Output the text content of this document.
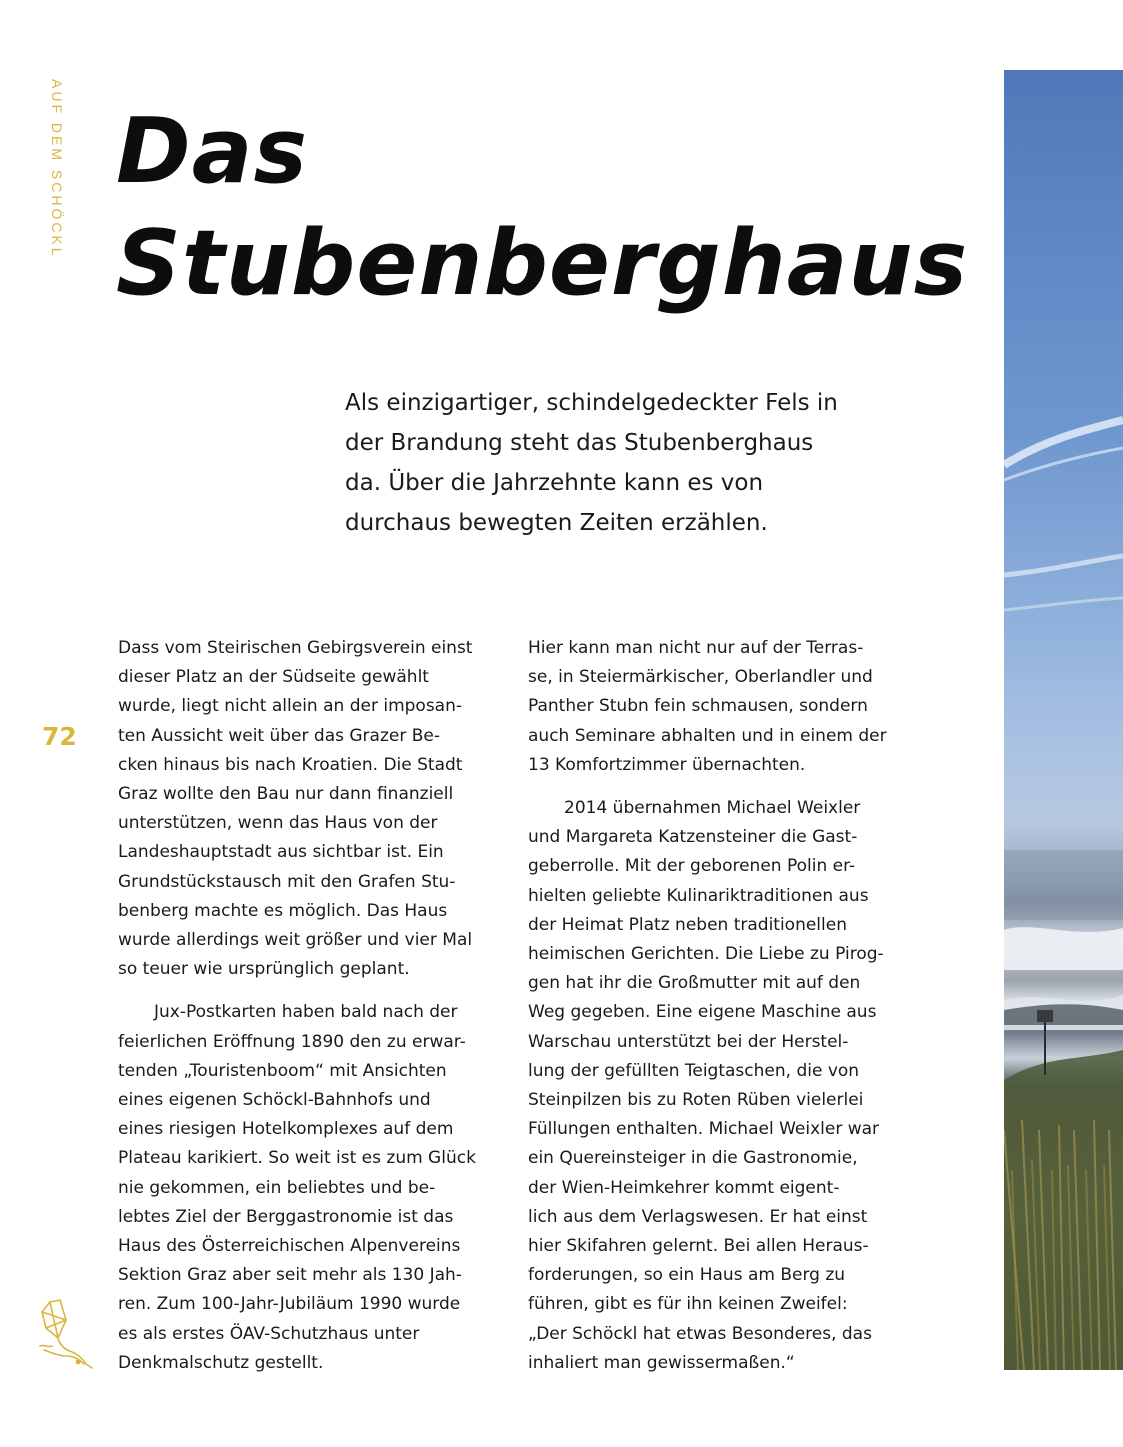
AUF DEM SCHÖCKL
72
Das
Stubenberghaus

Als einzigartiger, schindelgedeckter Fels in
der Brandung steht das Stubenberghaus
da. Über die Jahrzehnte kann es von
durchaus bewegten Zeiten erzählen.

Dass vom Steirischen Gebirgsverein einst
dieser Platz an der Südseite gewählt
wurde, liegt nicht allein an der imposan-
ten Aussicht weit über das Grazer Be-
cken hinaus bis nach Kroatien. Die Stadt
Graz wollte den Bau nur dann finanziell
unterstützen, wenn das Haus von der
Landeshauptstadt aus sichtbar ist. Ein
Grundstückstausch mit den Grafen Stu-
benberg machte es möglich. Das Haus
wurde allerdings weit größer und vier Mal
so teuer wie ursprünglich geplant.

Jux-Postkarten haben bald nach der
feierlichen Eröffnung 1890 den zu erwar-
tenden „Touristenboom“ mit Ansichten
eines eigenen Schöckl-Bahnhofs und
eines riesigen Hotelkomplexes auf dem
Plateau karikiert. So weit ist es zum Glück
nie gekommen, ein beliebtes und be-
lebtes Ziel der Berggastronomie ist das
Haus des Österreichischen Alpenvereins
Sektion Graz aber seit mehr als 130 Jah-
ren. Zum 100-Jahr-Jubiläum 1990 wurde
es als erstes ÖAV-Schutzhaus unter
Denkmalschutz gestellt.

Hier kann man nicht nur auf der Terras-
se, in Steiermärkischer, Oberlandler und
Panther Stubn fein schmausen, sondern
auch Seminare abhalten und in einem der
13 Komfortzimmer übernachten.

2014 übernahmen Michael Weixler
und Margareta Katzensteiner die Gast-
geberrolle. Mit der geborenen Polin er-
hielten geliebte Kulinariktraditionen aus
der Heimat Platz neben traditionellen
heimischen Gerichten. Die Liebe zu Pirog-
gen hat ihr die Großmutter mit auf den
Weg gegeben. Eine eigene Maschine aus
Warschau unterstützt bei der Herstel-
lung der gefüllten Teigtaschen, die von
Steinpilzen bis zu Roten Rüben vielerlei
Füllungen enthalten. Michael Weixler war
ein Quereinsteiger in die Gastronomie,
der Wien-Heimkehrer kommt eigent-
lich aus dem Verlagswesen. Er hat einst
hier Skifahren gelernt. Bei allen Heraus-
forderungen, so ein Haus am Berg zu
führen, gibt es für ihn keinen Zweifel:
„Der Schöckl hat etwas Besonderes, das
inhaliert man gewissermaßen.“
